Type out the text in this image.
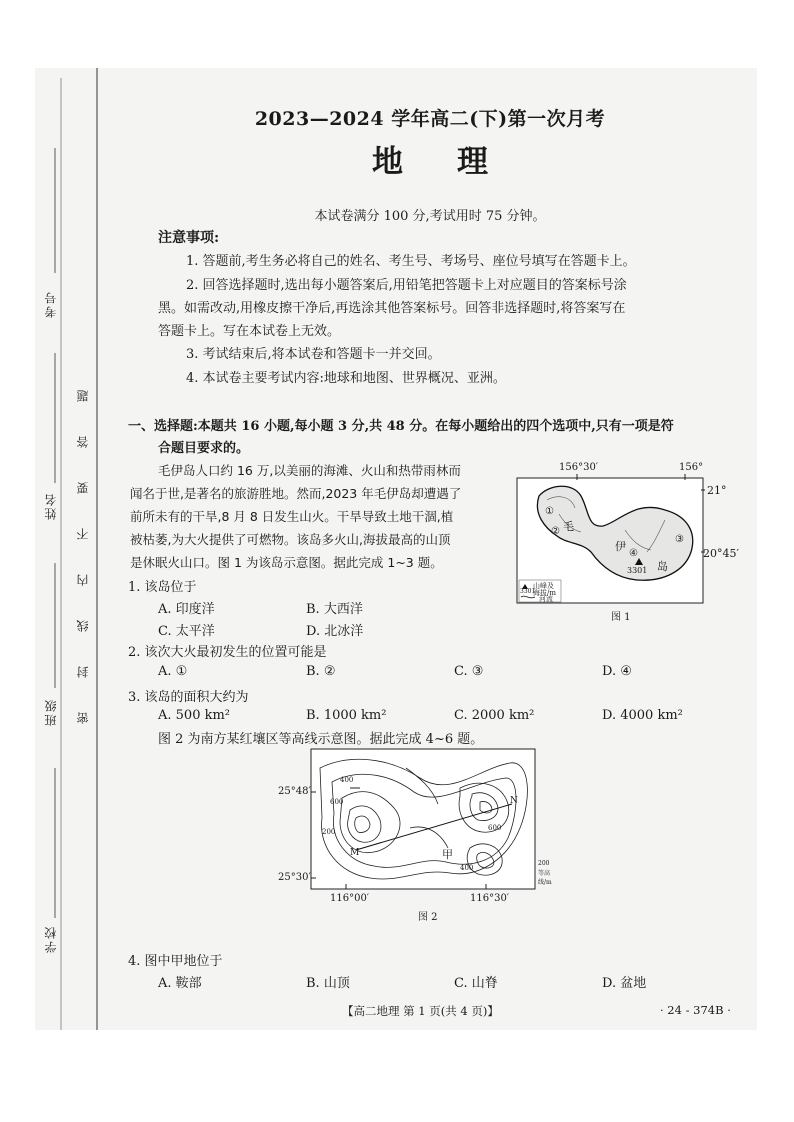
考号
姓名
班级
学校
题
答
要
不
内
线
封
密
2023—2024 学年高二(下)第一次月考
地理
本试卷满分 100 分,考试用时 75 分钟。
注意事项:
1. 答题前,考生务必将自己的姓名、考生号、考场号、座位号填写在答题卡上。
2. 回答选择题时,选出每小题答案后,用铅笔把答题卡上对应题目的答案标号涂
黑。如需改动,用橡皮擦干净后,再选涂其他答案标号。回答非选择题时,将答案写在
答题卡上。写在本试卷上无效。
3. 考试结束后,将本试卷和答题卡一并交回。
4. 本试卷主要考试内容:地球和地图、世界概况、亚洲。
一、选择题:本题共 16 小题,每小题 3 分,共 48 分。在每小题给出的四个选项中,只有一项是符
合题目要求的。
毛伊岛人口约 16 万,以美丽的海滩、火山和热带雨林而
闻名于世,是著名的旅游胜地。然而,2023 年毛伊岛却遭遇了
前所未有的干旱,8 月 8 日发生山火。干旱导致土地干涸,植
被枯萎,为大火提供了可燃物。该岛多火山,海拔最高的山顶
是休眠火山口。图 1 为该岛示意图。据此完成 1~3 题。
156°30′	156°
21°
20°45′
毛
伊
岛
①
②
③
④
3301
山峰及
3301
海拔/m
河流
图 1
1. 该岛位于
A. 印度洋	B. 大西洋
C. 太平洋	D. 北冰洋
2. 该次大火最初发生的位置可能是
A. ①	B. ②	C. ③	D. ④
3. 该岛的面积大约为
A. 500 km²	B. 1000 km²	C. 2000 km²	D. 4000 km²
图 2 为南方某红壤区等高线示意图。据此完成 4~6 题。
25°48′
25°30′
116°00′	116°30′
甲
M
N
600
400
200	600
400
200
等高线/m
图 2
4. 图中甲地位于
A. 鞍部	B. 山顶	C. 山脊	D. 盆地
【高二地理 第 1 页(共 4 页)】	· 24 - 374B ·
